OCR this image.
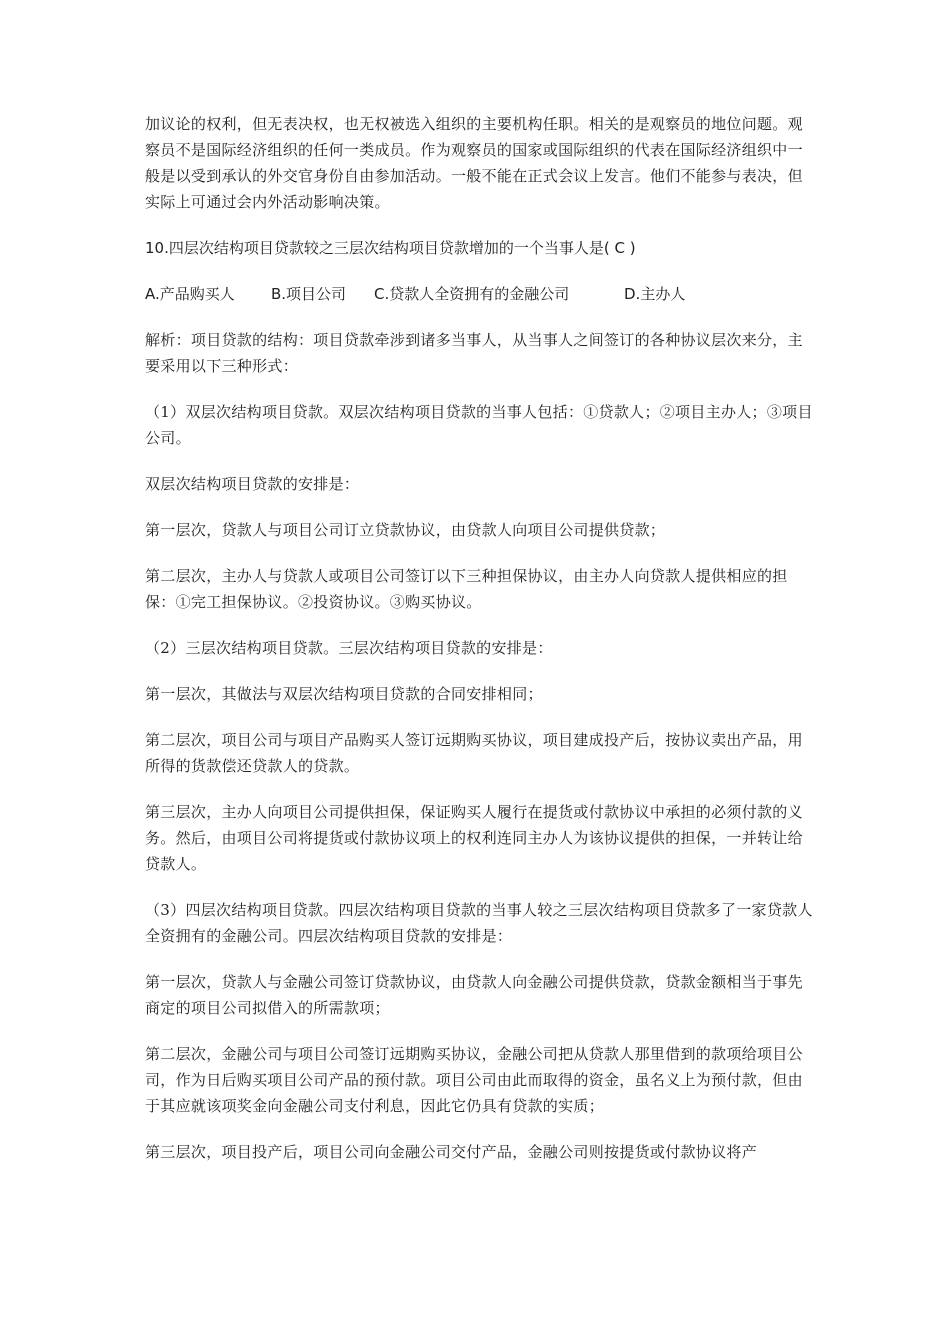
加议论的权利，但无表决权，也无权被选入组织的主要机构任职。相关的是观察员的地位问题。观察员不是国际经济组织的任何一类成员。作为观察员的国家或国际组织的代表在国际经济组织中一般是以受到承认的外交官身份自由参加活动。一般不能在正式会议上发言。他们不能参与表决，但实际上可通过会内外活动影响决策。

10.四层次结构项目贷款较之三层次结构项目贷款增加的一个当事人是( C )

A.产品购买人	B.项目公司	C.贷款人全资拥有的金融公司	D.主办人

解析：项目贷款的结构：项目贷款牵涉到诸多当事人，从当事人之间签订的各种协议层次来分，主要采用以下三种形式：

（1）双层次结构项目贷款。双层次结构项目贷款的当事人包括：①贷款人；②项目主办人；③项目公司。

双层次结构项目贷款的安排是：

第一层次，贷款人与项目公司订立贷款协议，由贷款人向项目公司提供贷款；

第二层次，主办人与贷款人或项目公司签订以下三种担保协议，由主办人向贷款人提供相应的担保：①完工担保协议。②投资协议。③购买协议。

（2）三层次结构项目贷款。三层次结构项目贷款的安排是：

第一层次，其做法与双层次结构项目贷款的合同安排相同；

第二层次，项目公司与项目产品购买人签订远期购买协议，项目建成投产后，按协议卖出产品，用所得的货款偿还贷款人的贷款。

第三层次，主办人向项目公司提供担保，保证购买人履行在提货或付款协议中承担的必须付款的义务。然后，由项目公司将提货或付款协议项上的权利连同主办人为该协议提供的担保，一并转让给贷款人。

（3）四层次结构项目贷款。四层次结构项目贷款的当事人较之三层次结构项目贷款多了一家贷款人全资拥有的金融公司。四层次结构项目贷款的安排是：

第一层次，贷款人与金融公司签订贷款协议，由贷款人向金融公司提供贷款，贷款金额相当于事先商定的项目公司拟借入的所需款项；

第二层次，金融公司与项目公司签订远期购买协议，金融公司把从贷款人那里借到的款项给项目公司，作为日后购买项目公司产品的预付款。项目公司由此而取得的资金，虽名义上为预付款，但由于其应就该项奖金向金融公司支付利息，因此它仍具有贷款的实质；

第三层次，项目投产后，项目公司向金融公司交付产品，金融公司则按提货或付款协议将产
